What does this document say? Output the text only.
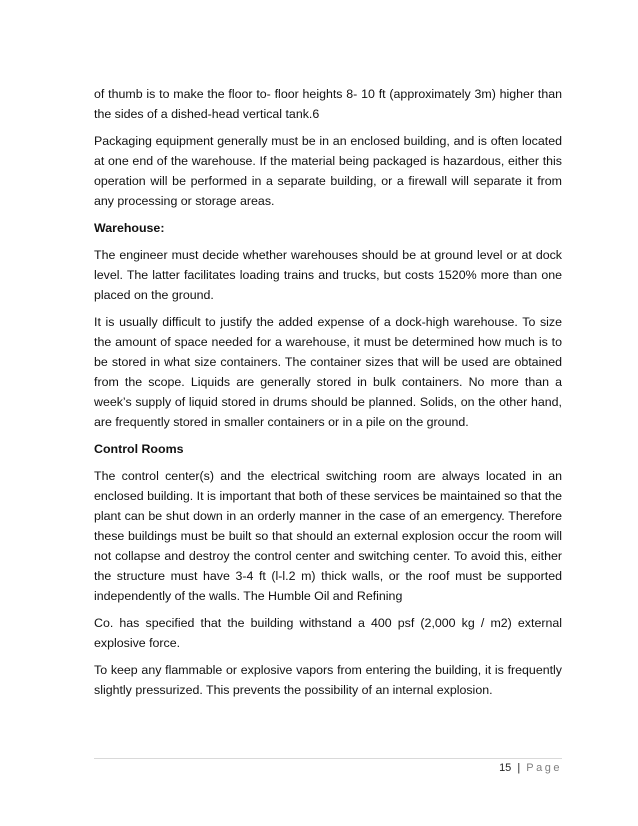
of thumb is to make the floor to- floor heights 8- 10 ft (approximately 3m) higher than the sides of a dished-head vertical tank.6

Packaging equipment generally must be in an enclosed building, and is often located at one end of the warehouse. If the material being packaged is hazardous, either this operation will be performed in a separate building, or a firewall will separate it from any processing or storage areas.

Warehouse:

The engineer must decide whether warehouses should be at ground level or at dock level. The latter facilitates loading trains and trucks, but costs 1520% more than one placed on the ground.

It is usually difficult to justify the added expense of a dock-high warehouse. To size the amount of space needed for a warehouse, it must be determined how much is to be stored in what size containers. The container sizes that will be used are obtained from the scope. Liquids are generally stored in bulk containers. No more than a week’s supply of liquid stored in drums should be planned. Solids, on the other hand, are frequently stored in smaller containers or in a pile on the ground.

Control Rooms

The control center(s) and the electrical switching room are always located in an enclosed building. It is important that both of these services be maintained so that the plant can be shut down in an orderly manner in the case of an emergency. Therefore these buildings must be built so that should an external explosion occur the room will not collapse and destroy the control center and switching center. To avoid this, either the structure must have 3-4 ft (l-l.2 m) thick walls, or the roof must be supported independently of the walls. The Humble Oil and Refining

Co. has specified that the building withstand a 400 psf (2,000 kg / m2) external explosive force.

To keep any flammable or explosive vapors from entering the building, it is frequently slightly pressurized. This prevents the possibility of an internal explosion.

15 | Page
